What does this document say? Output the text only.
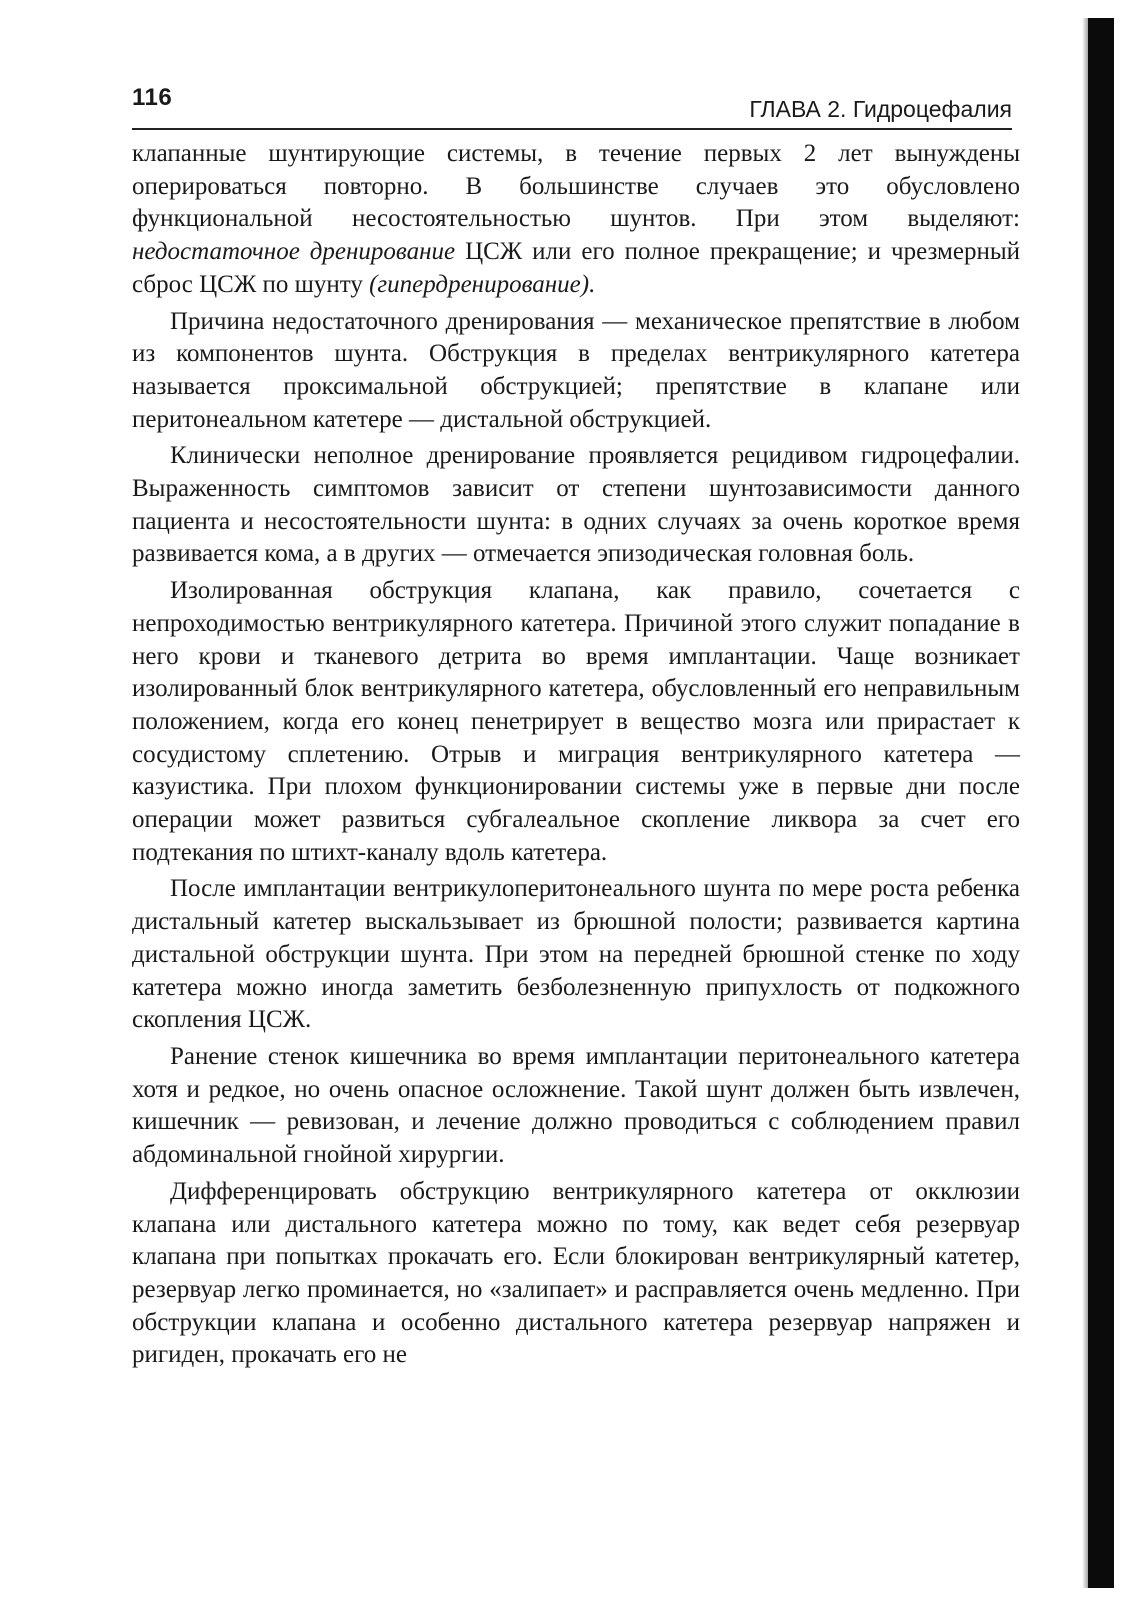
116	ГЛАВА 2. Гидроцефалия

клапанные шунтирующие системы, в течение первых 2 лет вынуждены оперироваться повторно. В большинстве случаев это обусловлено функциональной несостоятельностью шунтов. При этом выделяют: недостаточное дренирование ЦСЖ или его полное прекращение; и чрезмерный сброс ЦСЖ по шунту (гипердренирование).

Причина недостаточного дренирования — механическое препятствие в любом из компонентов шунта. Обструкция в пределах вентрикулярного катетера называется проксимальной обструкцией; препятствие в клапане или перитонеальном катетере — дистальной обструкцией.

Клинически неполное дренирование проявляется рецидивом гидроцефалии. Выраженность симптомов зависит от степени шунтозависимости данного пациента и несостоятельности шунта: в одних случаях за очень короткое время развивается кома, а в других — отмечается эпизодическая головная боль.

Изолированная обструкция клапана, как правило, сочетается с непроходимостью вентрикулярного катетера. Причиной этого служит попадание в него крови и тканевого детрита во время имплантации. Чаще возникает изолированный блок вентрикулярного катетера, обусловленный его неправильным положением, когда его конец пенетрирует в вещество мозга или прирастает к сосудистому сплетению. Отрыв и миграция вентрикулярного катетера — казуистика. При плохом функционировании системы уже в первые дни после операции может развиться субгалеальное скопление ликвора за счет его подтекания по штихт-каналу вдоль катетера.

После имплантации вентрикулоперитонеального шунта по мере роста ребенка дистальный катетер выскальзывает из брюшной полости; развивается картина дистальной обструкции шунта. При этом на передней брюшной стенке по ходу катетера можно иногда заметить безболезненную припухлость от подкожного скопления ЦСЖ.

Ранение стенок кишечника во время имплантации перитонеального катетера хотя и редкое, но очень опасное осложнение. Такой шунт должен быть извлечен, кишечник — ревизован, и лечение должно проводиться с соблюдением правил абдоминальной гнойной хирургии.

Дифференцировать обструкцию вентрикулярного катетера от окклюзии клапана или дистального катетера можно по тому, как ведет себя резервуар клапана при попытках прокачать его. Если блокирован вентрикулярный катетер, резервуар легко проминается, но «залипает» и расправляется очень медленно. При обструкции клапана и особенно дистального катетера резервуар напряжен и ригиден, прокачать его не
